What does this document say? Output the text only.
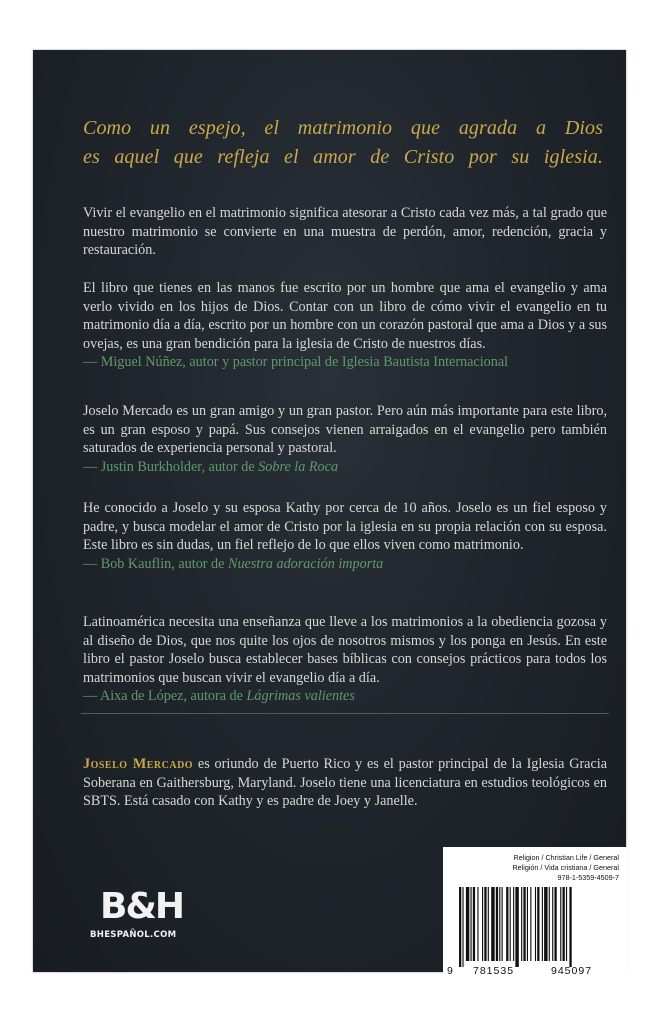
Como un espejo, el matrimonio que agrada a Dios
es aquel que refleja el amor de Cristo por su iglesia.
Vivir el evangelio en el matrimonio significa atesorar a Cristo cada vez más, a tal grado que nuestro matrimonio se convierte en una muestra de perdón, amor, redención, gracia y restauración.
El libro que tienes en las manos fue escrito por un hombre que ama el evangelio y ama verlo vivido en los hijos de Dios. Contar con un libro de cómo vivir el evangelio en tu matrimonio día a día, escrito por un hombre con un corazón pastoral que ama a Dios y a sus ovejas, es una gran bendición para la iglesia de Cristo de nuestros días.
— Miguel Núñez, autor y pastor principal de Iglesia Bautista Internacional
Joselo Mercado es un gran amigo y un gran pastor. Pero aún más importante para este libro, es un gran esposo y papá. Sus consejos vienen arraigados en el evangelio pero también saturados de experiencia personal y pastoral.
— Justin Burkholder, autor de Sobre la Roca
He conocido a Joselo y su esposa Kathy por cerca de 10 años. Joselo es un fiel esposo y padre, y busca modelar el amor de Cristo por la iglesia en su propia relación con su esposa. Este libro es sin dudas, un fiel reflejo de lo que ellos viven como matrimonio.
— Bob Kauflin, autor de Nuestra adoración importa
Latinoamérica necesita una enseñanza que lleve a los matrimonios a la obediencia gozosa y al diseño de Dios, que nos quite los ojos de nosotros mismos y los ponga en Jesús. En este libro el pastor Joselo busca establecer bases bíblicas con consejos prácticos para todos los matrimonios que buscan vivir el evangelio día a día.
— Aixa de López, autora de Lágrimas valientes
Joselo Mercado es oriundo de Puerto Rico y es el pastor principal de la Iglesia Gracia Soberana en Gaithersburg, Maryland. Joselo tiene una licenciatura en estudios teológicos en SBTS. Está casado con Kathy y es padre de Joey y Janelle.
B&H
BHESPAÑOL.COM
Religion / Christian Life / General
Religión / Vida cristiana / General
978-1-5359-4509-7
9 781535	945097
